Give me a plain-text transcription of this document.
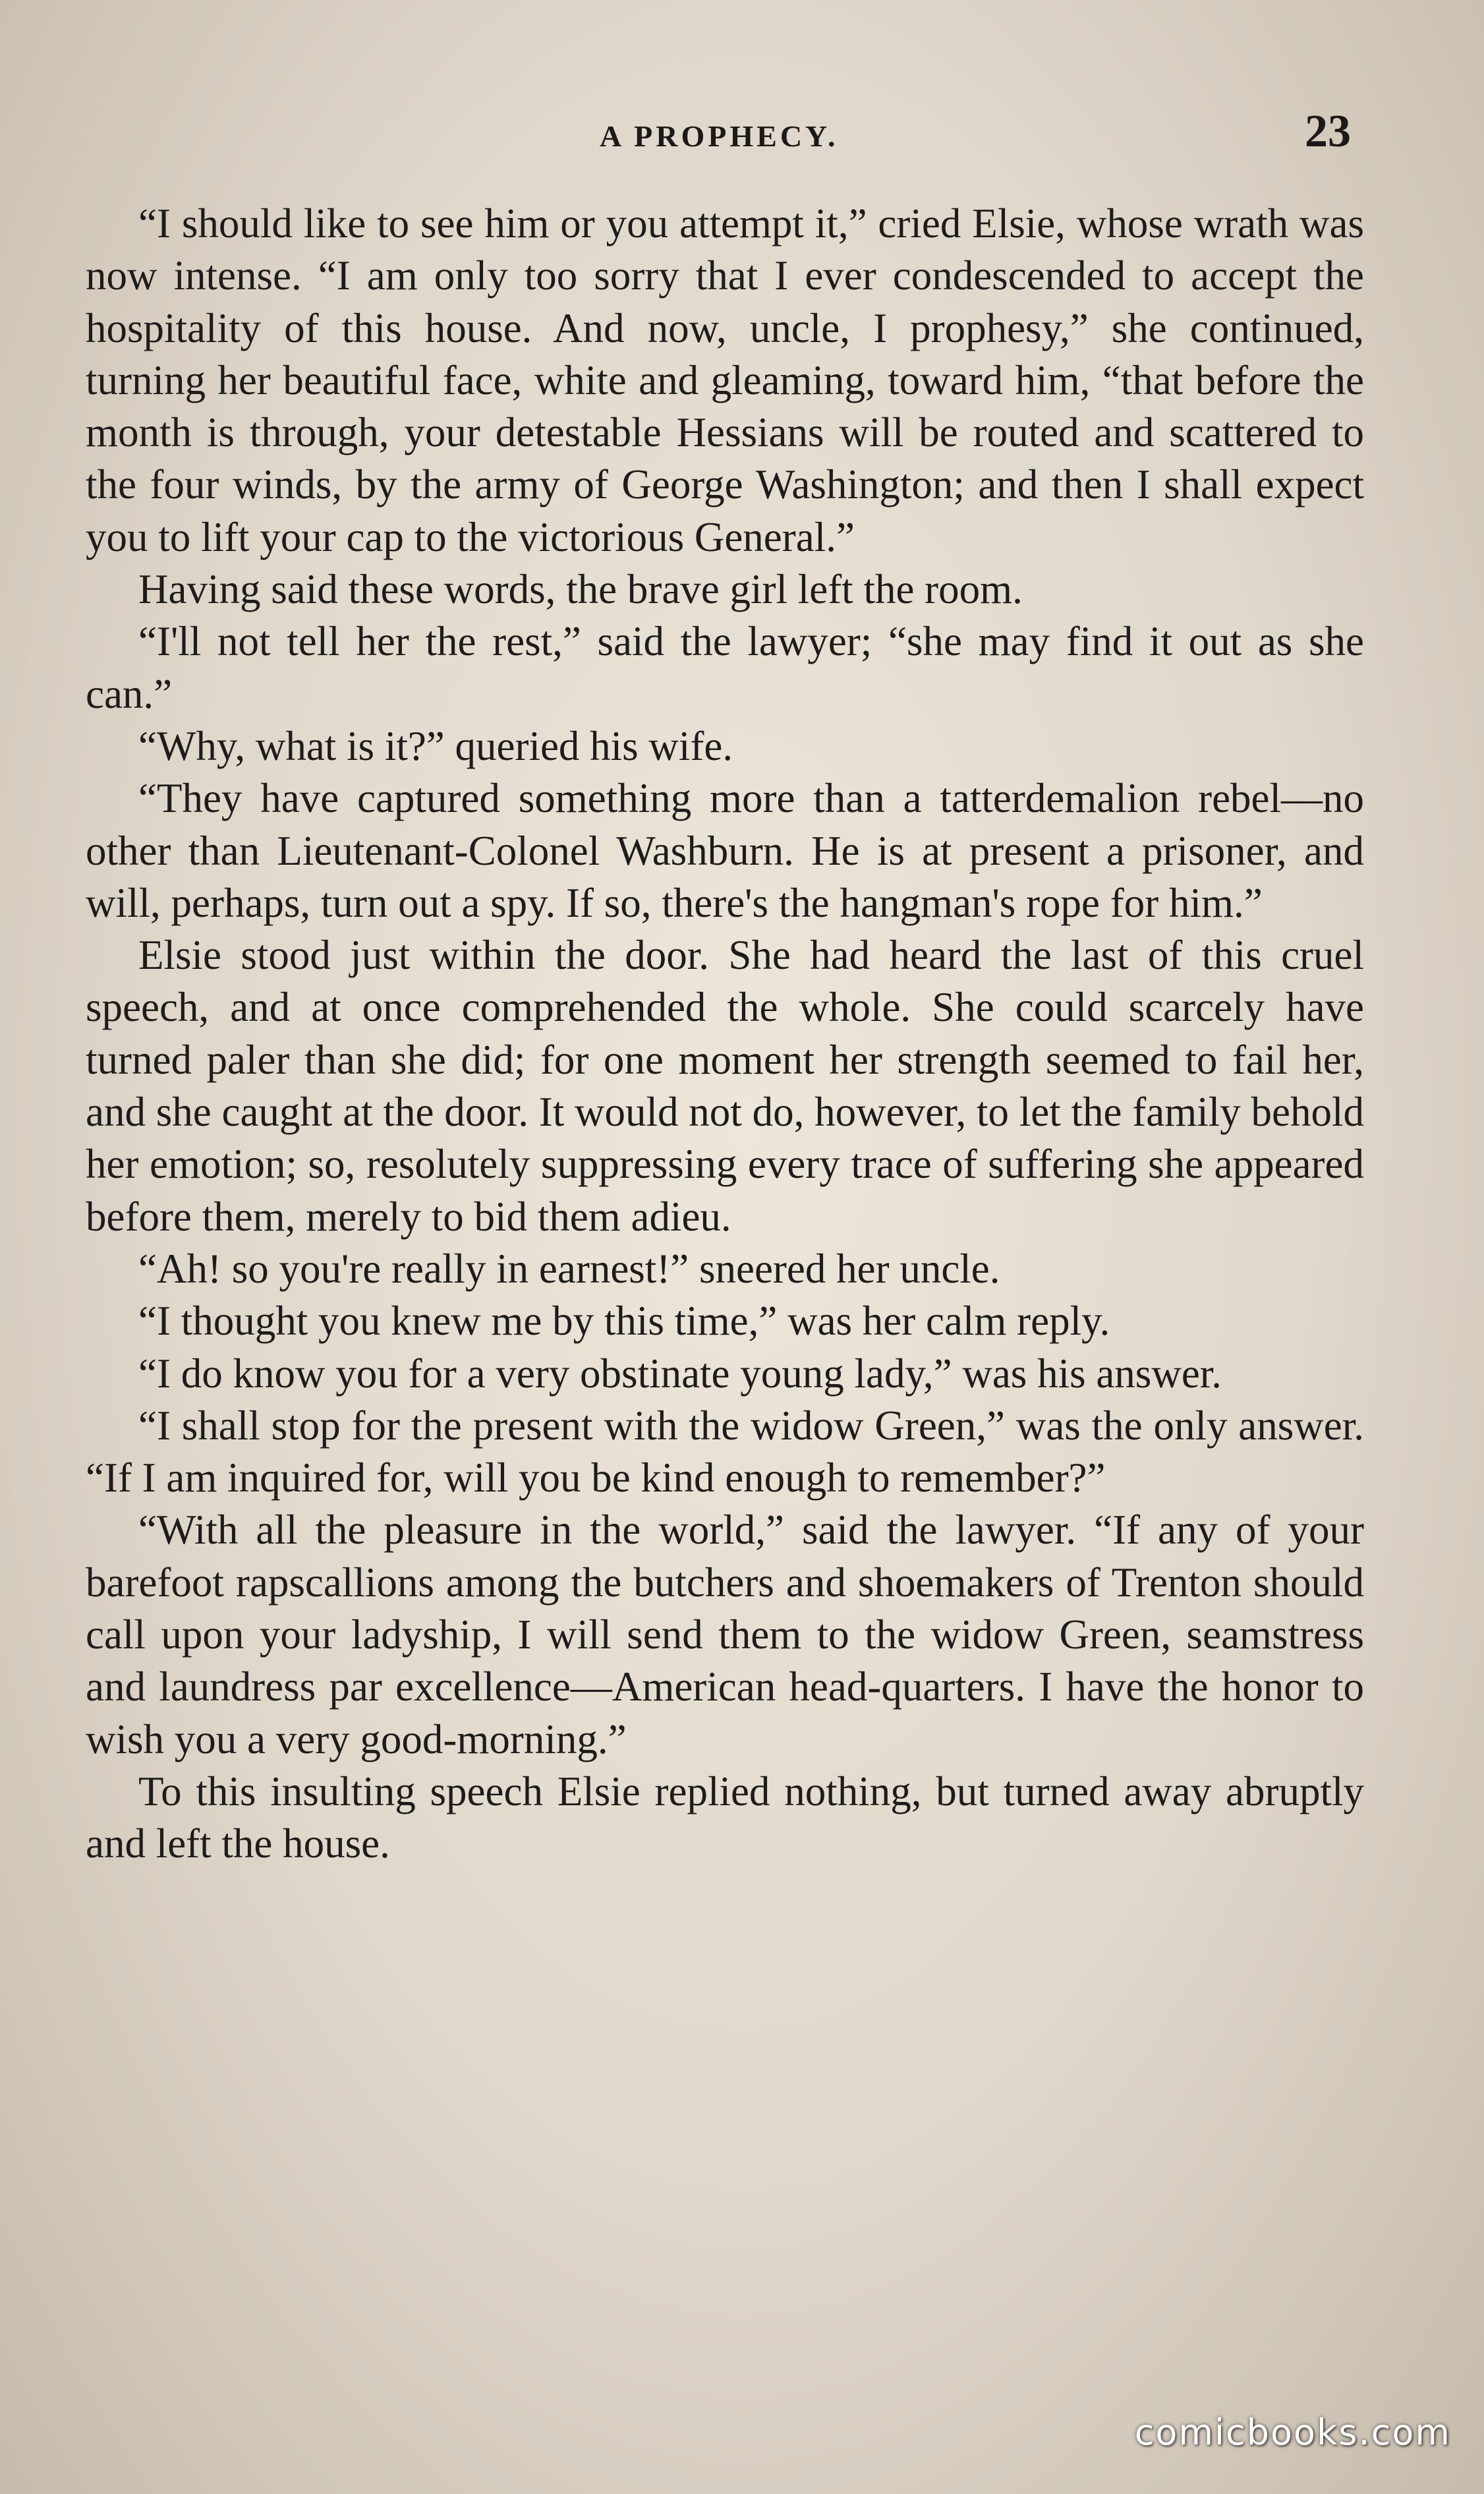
A PROPHECY.	23

“I should like to see him or you attempt it,” cried Elsie, whose wrath was now intense. “I am only too sorry that I ever condescended to accept the hospitality of this house. And now, uncle, I prophesy,” she continued, turning her beautiful face, white and gleaming, toward him, “that before the month is through, your detestable Hessians will be routed and scattered to the four winds, by the army of George Washington; and then I shall expect you to lift your cap to the victorious General.”

Having said these words, the brave girl left the room.

“I'll not tell her the rest,” said the lawyer; “she may find it out as she can.”

“Why, what is it?” queried his wife.

“They have captured something more than a tatterdemalion rebel—no other than Lieutenant-Colonel Washburn. He is at present a prisoner, and will, perhaps, turn out a spy. If so, there's the hangman's rope for him.”

Elsie stood just within the door. She had heard the last of this cruel speech, and at once comprehended the whole. She could scarcely have turned paler than she did; for one moment her strength seemed to fail her, and she caught at the door. It would not do, however, to let the family behold her emotion; so, resolutely suppressing every trace of suffering she appeared before them, merely to bid them adieu.

“Ah! so you're really in earnest!” sneered her uncle.

“I thought you knew me by this time,” was her calm reply.

“I do know you for a very obstinate young lady,” was his answer.

“I shall stop for the present with the widow Green,” was the only answer. “If I am inquired for, will you be kind enough to remember?”

“With all the pleasure in the world,” said the lawyer. “If any of your barefoot rapscallions among the butchers and shoemakers of Trenton should call upon your ladyship, I will send them to the widow Green, seamstress and laundress par excellence—American head-quarters. I have the honor to wish you a very good-morning.”

To this insulting speech Elsie replied nothing, but turned away abruptly and left the house.

comicbooks.com
